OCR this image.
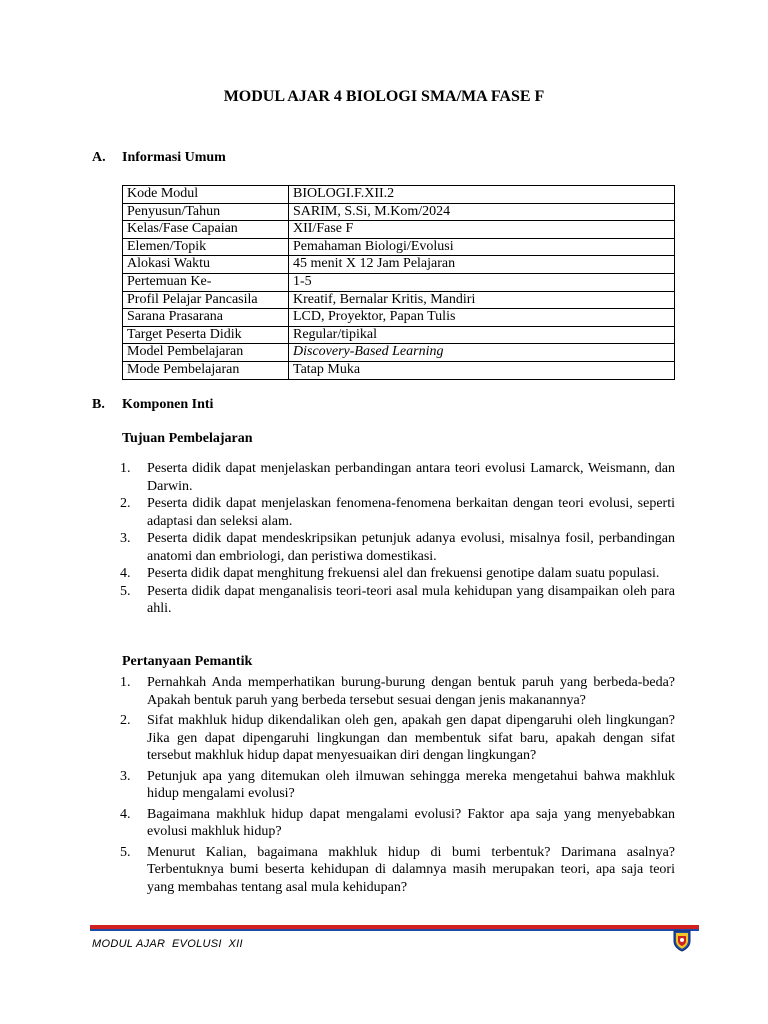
MODUL AJAR 4 BIOLOGI SMA/MA FASE F
A. Informasi Umum
Kode Modul	BIOLOGI.F.XII.2
Penyusun/Tahun	SARIM, S.Si, M.Kom/2024
Kelas/Fase Capaian	XII/Fase F
Elemen/Topik	Pemahaman Biologi/Evolusi
Alokasi Waktu	45 menit X 12 Jam Pelajaran
Pertemuan Ke-	1-5
Profil Pelajar Pancasila	Kreatif, Bernalar Kritis, Mandiri
Sarana Prasarana	LCD, Proyektor, Papan Tulis
Target Peserta Didik	Regular/tipikal
Model Pembelajaran	Discovery-Based Learning
Mode Pembelajaran	Tatap Muka
B. Komponen Inti
Tujuan Pembelajaran
1. Peserta didik dapat menjelaskan perbandingan antara teori evolusi Lamarck, Weismann, dan Darwin.
2. Peserta didik dapat menjelaskan fenomena-fenomena berkaitan dengan teori evolusi, seperti adaptasi dan seleksi alam.
3. Peserta didik dapat mendeskripsikan petunjuk adanya evolusi, misalnya fosil, perbandingan anatomi dan embriologi, dan peristiwa domestikasi.
4. Peserta didik dapat menghitung frekuensi alel dan frekuensi genotipe dalam suatu populasi.
5. Peserta didik dapat menganalisis teori-teori asal mula kehidupan yang disampaikan oleh para ahli.
Pertanyaan Pemantik
1. Pernahkah Anda memperhatikan burung-burung dengan bentuk paruh yang berbeda-beda? Apakah bentuk paruh yang berbeda tersebut sesuai dengan jenis makanannya?
2. Sifat makhluk hidup dikendalikan oleh gen, apakah gen dapat dipengaruhi oleh lingkungan? Jika gen dapat dipengaruhi lingkungan dan membentuk sifat baru, apakah dengan sifat tersebut makhluk hidup dapat menyesuaikan diri dengan lingkungan?
3. Petunjuk apa yang ditemukan oleh ilmuwan sehingga mereka mengetahui bahwa makhluk hidup mengalami evolusi?
4. Bagaimana makhluk hidup dapat mengalami evolusi? Faktor apa saja yang menyebabkan evolusi makhluk hidup?
5. Menurut Kalian, bagaimana makhluk hidup di bumi terbentuk? Darimana asalnya? Terbentuknya bumi beserta kehidupan di dalamnya masih merupakan teori, apa saja teori yang membahas tentang asal mula kehidupan?
MODUL AJAR  EVOLUSI  XII
